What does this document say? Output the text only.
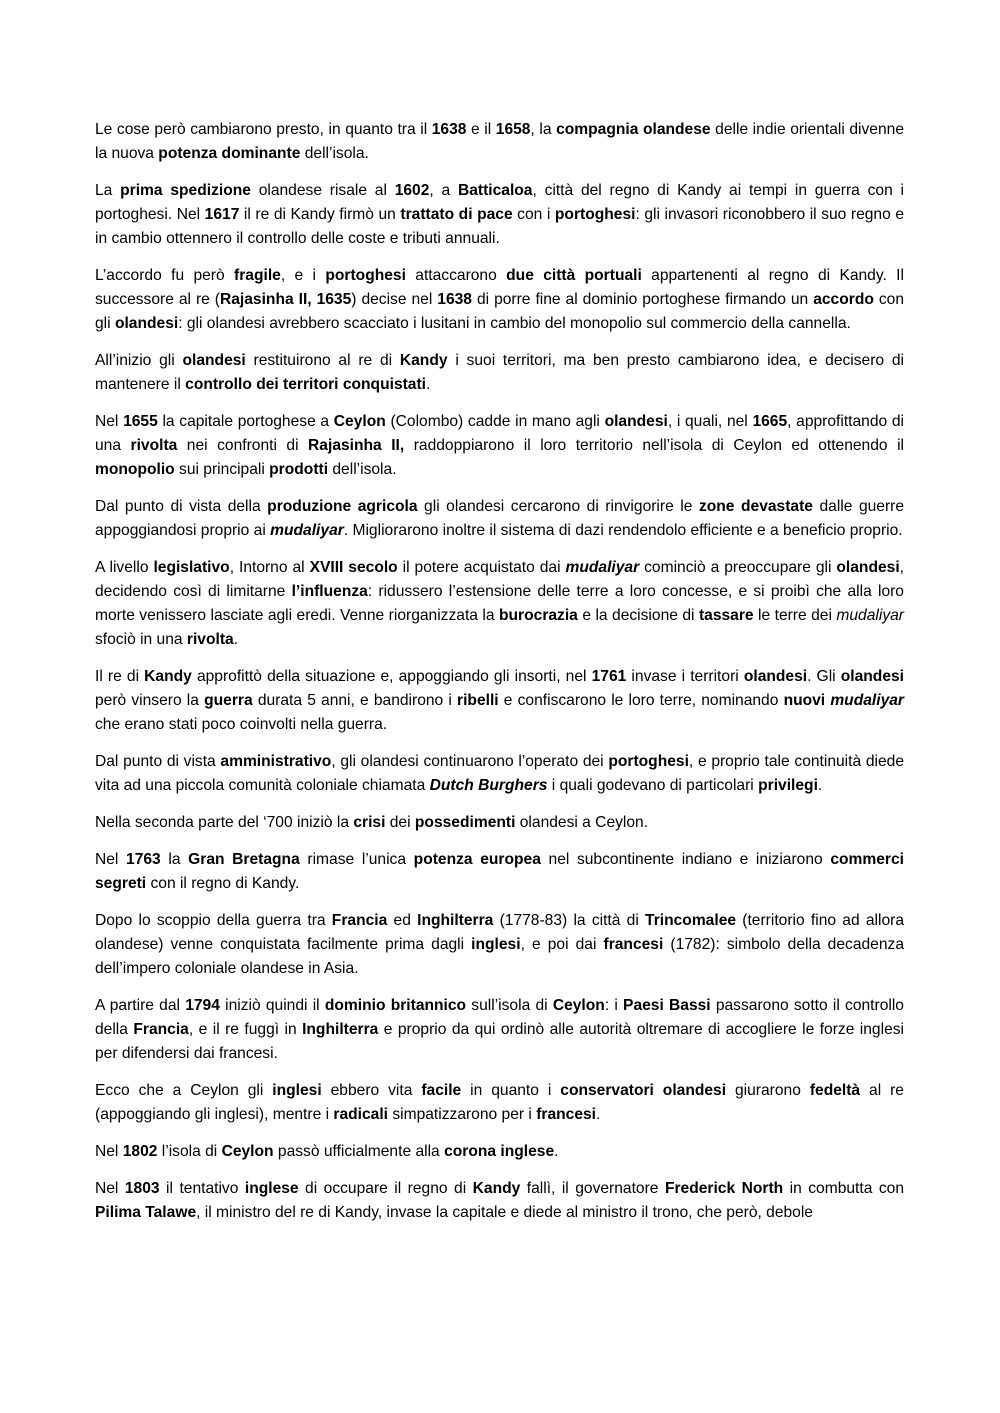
Le cose però cambiarono presto, in quanto tra il 1638 e il 1658, la compagnia olandese delle indie orientali divenne la nuova potenza dominante dell’isola.

La prima spedizione olandese risale al 1602, a Batticaloa, città del regno di Kandy ai tempi in guerra con i portoghesi. Nel 1617 il re di Kandy firmò un trattato di pace con i portoghesi: gli invasori riconobbero il suo regno e in cambio ottennero il controllo delle coste e tributi annuali.

L’accordo fu però fragile, e i portoghesi attaccarono due città portuali appartenenti al regno di Kandy. Il successore al re (Rajasinha II, 1635) decise nel 1638 di porre fine al dominio portoghese firmando un accordo con gli olandesi: gli olandesi avrebbero scacciato i lusitani in cambio del monopolio sul commercio della cannella.

All’inizio gli olandesi restituirono al re di Kandy i suoi territori, ma ben presto cambiarono idea, e decisero di mantenere il controllo dei territori conquistati.

Nel 1655 la capitale portoghese a Ceylon (Colombo) cadde in mano agli olandesi, i quali, nel 1665, approfittando di una rivolta nei confronti di Rajasinha II, raddoppiarono il loro territorio nell’isola di Ceylon ed ottenendo il monopolio sui principali prodotti dell’isola.

Dal punto di vista della produzione agricola gli olandesi cercarono di rinvigorire le zone devastate dalle guerre appoggiandosi proprio ai mudaliyar. Migliorarono inoltre il sistema di dazi rendendolo efficiente e a beneficio proprio.

A livello legislativo, Intorno al XVIII secolo il potere acquistato dai mudaliyar cominciò a preoccupare gli olandesi, decidendo così di limitarne l’influenza: ridussero l’estensione delle terre a loro concesse, e si proibì che alla loro morte venissero lasciate agli eredi. Venne riorganizzata la burocrazia e la decisione di tassare le terre dei mudaliyar sfociò in una rivolta.

Il re di Kandy approfittò della situazione e, appoggiando gli insorti, nel 1761 invase i territori olandesi. Gli olandesi però vinsero la guerra durata 5 anni, e bandirono i ribelli e confiscarono le loro terre, nominando nuovi mudaliyar che erano stati poco coinvolti nella guerra.

Dal punto di vista amministrativo, gli olandesi continuarono l’operato dei portoghesi, e proprio tale continuità diede vita ad una piccola comunità coloniale chiamata Dutch Burghers i quali godevano di particolari privilegi.

Nella seconda parte del ‘700 iniziò la crisi dei possedimenti olandesi a Ceylon.

Nel 1763 la Gran Bretagna rimase l’unica potenza europea nel subcontinente indiano e iniziarono commerci segreti con il regno di Kandy.

Dopo lo scoppio della guerra tra Francia ed Inghilterra (1778-83) la città di Trincomalee (territorio fino ad allora olandese) venne conquistata facilmente prima dagli inglesi, e poi dai francesi (1782): simbolo della decadenza dell’impero coloniale olandese in Asia.

A partire dal 1794 iniziò quindi il dominio britannico sull’isola di Ceylon: i Paesi Bassi passarono sotto il controllo della Francia, e il re fuggì in Inghilterra e proprio da qui ordinò alle autorità oltremare di accogliere le forze inglesi per difendersi dai francesi.

Ecco che a Ceylon gli inglesi ebbero vita facile in quanto i conservatori olandesi giurarono fedeltà al re (appoggiando gli inglesi), mentre i radicali simpatizzarono per i francesi.

Nel 1802 l’isola di Ceylon passò ufficialmente alla corona inglese.

Nel 1803 il tentativo inglese di occupare il regno di Kandy fallì, il governatore Frederick North in combutta con Pilima Talawe, il ministro del re di Kandy, invase la capitale e diede al ministro il trono, che però, debole
